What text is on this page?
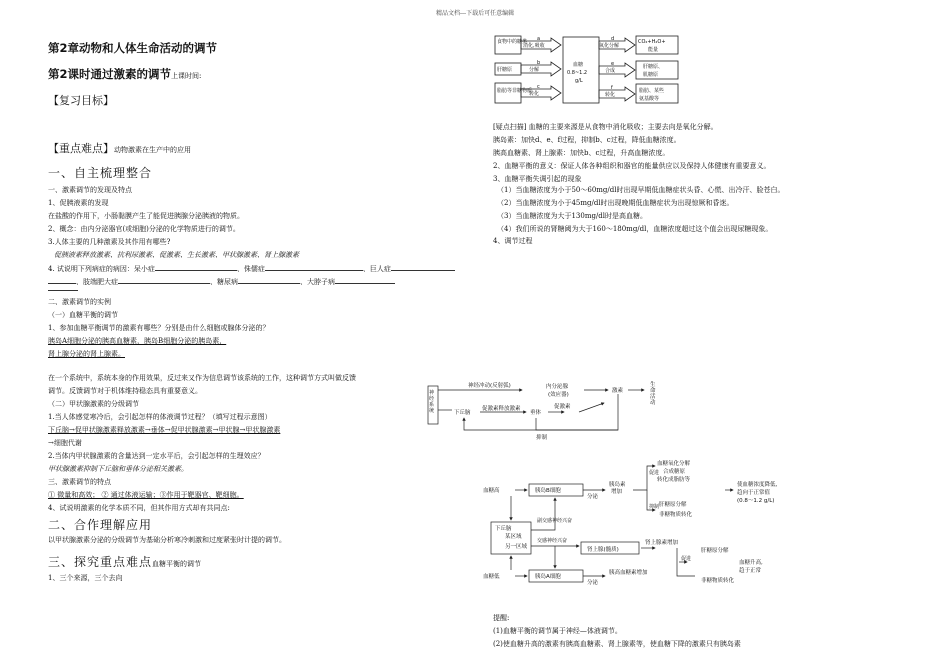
精品文档---下载后可任意编辑
第2章动物和人体生命活动的调节
第2课时通过激素的调节上课时间:
【复习目标】
【重点难点】动物激素在生产中的应用
一、自主梳理整合
一、激素调节的发现及特点
1、促胰液素的发现
在盐酸的作用下，小肠黏膜产生了能促进胰腺分泌胰液的物质。
2、概念：由内分泌器官(或细胞)分泌的化学物质进行的调节。
3.人体主要的几种激素及其作用有哪些?
促胰液素释放激素、抗利尿激素、促激素、生长激素、甲状腺激素、肾上腺激素
4. 试说明下列病症的病因：呆小症	、侏儒症	、巨人症
、肢端肥大症	、糖尿病	、大脖子病
二、激素调节的实例
（一）血糖平衡的调节
1、参加血糖平衡调节的激素有哪些？分别是由什么细胞或腺体分泌的？
胰岛A细胞分泌的胰高血糖素，胰岛B细胞分泌的胰岛素，
肾上腺分泌的肾上腺素。
在一个系统中，系统本身的作用效果，反过来又作为信息调节该系统的工作，这种调节方式叫做反馈
调节。反馈调节对于机体维持稳态具有重要意义。
（二）甲状腺激素的分级调节
1.当人体感觉寒冷后，会引起怎样的体液调节过程？（填写过程示意图）
下丘脑→促甲状腺激素释放激素→垂体→促甲状腺激素→甲状腺→甲状腺激素
→细胞代谢
2.当体内甲状腺激素的含量达到一定水平后，会引起怎样的生理效应？
甲状腺激素抑制下丘脑和垂体分泌相关激素。
三、激素调节的特点
① 微量和高效； ② 通过体液运输；③作用于靶器官、靶细胞。
4、试说明激素的化学本质不同，但其作用方式却有共同点:
二、合作理解应用
以甲状腺激素分泌的分级调节为基础分析寒冷刺激和过度紧张时计提的调节。
三、探究重点难点血糖平衡的调节
1、三个来源，三个去向
食物中的糖类
肝糖原
脂肪等非糖物质
a
消化,吸收
b
分解
c
转化
血糖
0.8~1.2
g/L
d
氧化分解
e
合成
f
转化
CO₂+H₂O+
能量
肝糖原、
肌糖原
脂肪、某些
氨基酸等
[疑点扫描] 血糖的主要来源是从食物中消化吸收；主要去向是氧化分解。
胰岛素：加快d、e、f过程，抑制b、c过程，降低血糖浓度。
胰高血糖素、肾上腺素：加快b、c过程，升高血糖浓度。
2、血糖平衡的意义：保证人体各种组织和器官的能量供应以及保持人体健康有重要意义。
3、血糖平衡失调引起的现象
（1）当血糖浓度为小于50～60mg/dl时出现早期低血糖症状头昏、心慌、出冷汗、脸苍白。
（2）当血糖浓度为小于45mg/dl时出现晚期低血糖症状为出现惊厥和昏迷。
（3）当血糖浓度为大于130mg/dl时是高血糖。
（4）我们所说的肾糖阈为大于160～180mg/dl，血糖浓度超过这个值会出现尿糖现象。
4、调节过程
神经系统
神经冲动(反射弧)	内分泌腺
(效应器)
激素
生命活动
下丘脑
促激素释放激素
垂体
促激素
抑制
血糖高	胰岛B细胞
分泌
胰岛素增加
促进
抑制
血糖氧化分解
合成糖原
转化成脂肪等
肝糖原分解
非糖物质转化
使血糖浓度降低,
趋向于正常值
(0.8～1.2 g/L)
下丘脑
某区域
另一区域
副交感神经兴奋
交感神经兴奋
肾上腺(髓质)
肾上腺素增加
促进
肝糖原分解
非糖物质转化
血糖升高,
趋于正常
血糖低	胰岛A细胞
分泌
胰高血糖素增加
提醒:
(1)血糖平衡的调节属于神经—体液调节。
(2)使血糖升高的激素有胰高血糖素、肾上腺素等，使血糖下降的激素只有胰岛素
